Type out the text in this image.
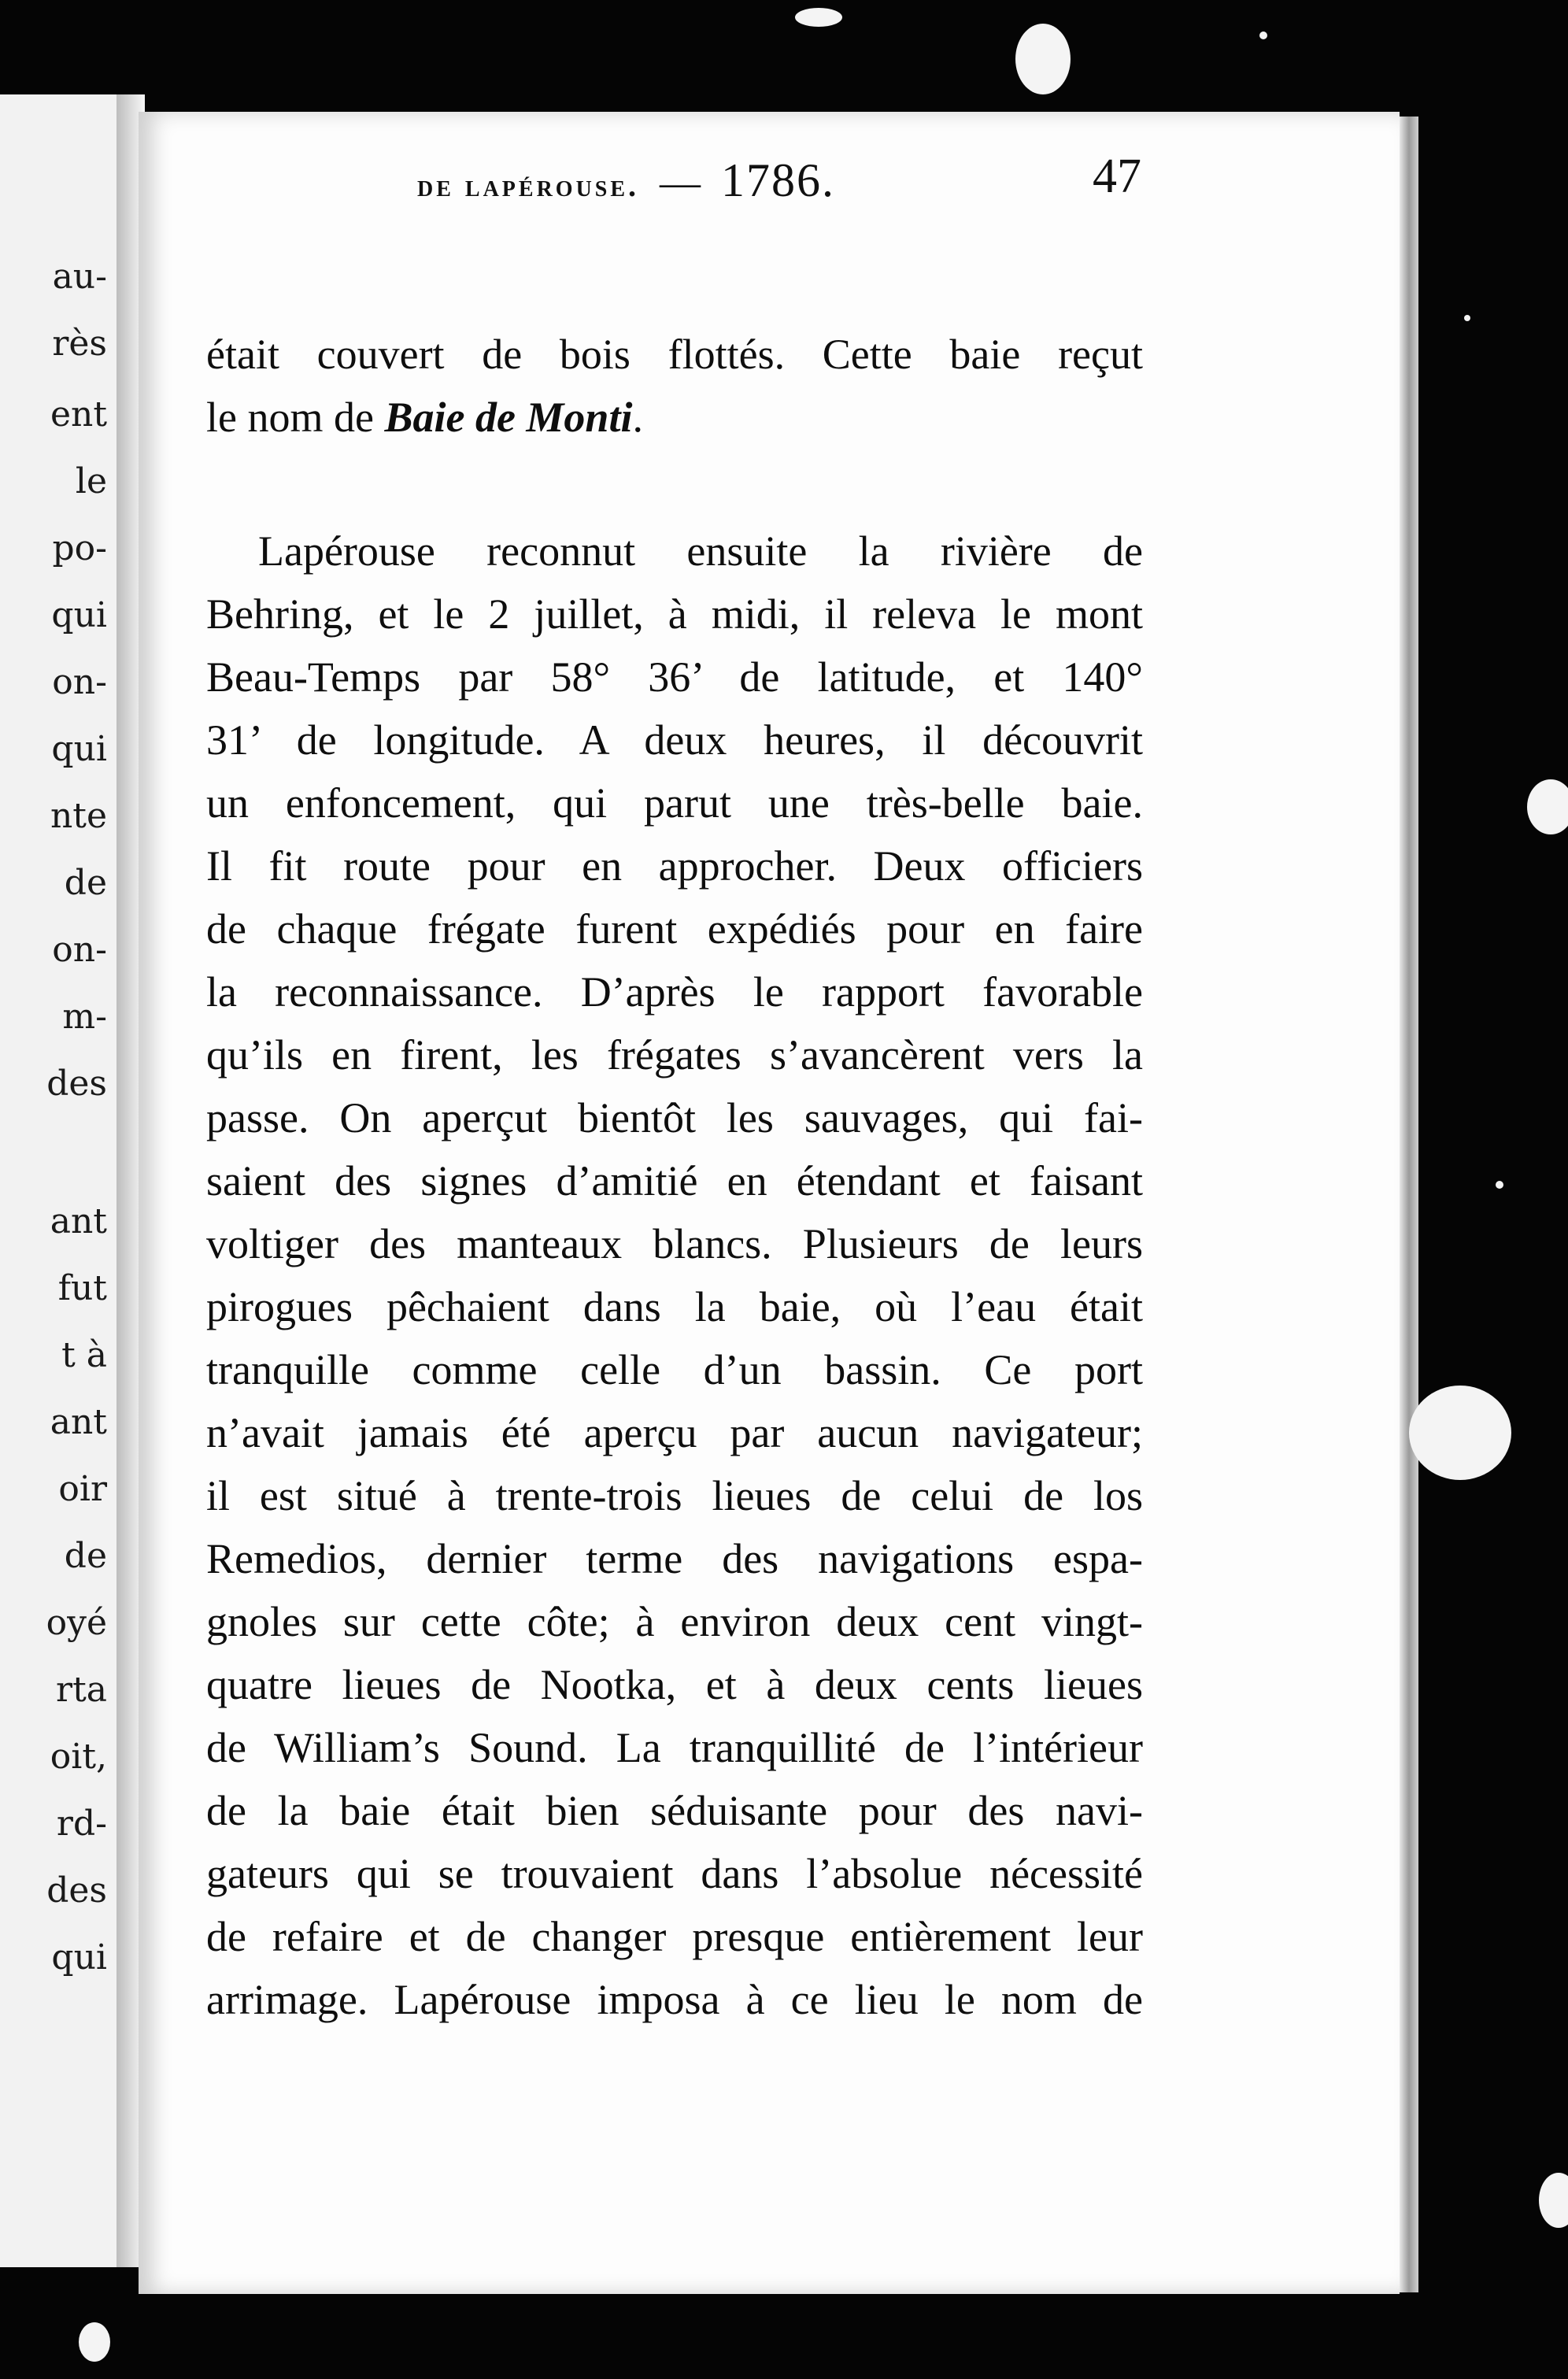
au-
rès
ent
le
po-
qui
on-
qui
nte
de
on-
m-
des
ant
fut
t à
ant
oir
de
oyé
rta
oit,
rd-
des
qui
de lapérouse. — 1786.	47
était couvert de bois flottés. Cette baie reçut
le nom de Baie de Monti.
Lapérouse reconnut ensuite la rivière de
Behring, et le 2 juillet, à midi, il releva le mont
Beau-Temps par 58° 36’ de latitude, et 140°
31’ de longitude. A deux heures, il découvrit
un enfoncement, qui parut une très-belle baie.
Il fit route pour en approcher. Deux officiers
de chaque frégate furent expédiés pour en faire
la reconnaissance. D’après le rapport favorable
qu’ils en firent, les frégates s’avancèrent vers la
passe. On aperçut bientôt les sauvages, qui fai-
saient des signes d’amitié en étendant et faisant
voltiger des manteaux blancs. Plusieurs de leurs
pirogues pêchaient dans la baie, où l’eau était
tranquille comme celle d’un bassin. Ce port
n’avait jamais été aperçu par aucun navigateur;
il est situé à trente-trois lieues de celui de los
Remedios, dernier terme des navigations espa-
gnoles sur cette côte; à environ deux cent vingt-
quatre lieues de Nootka, et à deux cents lieues
de William’s Sound. La tranquillité de l’intérieur
de la baie était bien séduisante pour des navi-
gateurs qui se trouvaient dans l’absolue nécessité
de refaire et de changer presque entièrement leur
arrimage. Lapérouse imposa à ce lieu le nom de
